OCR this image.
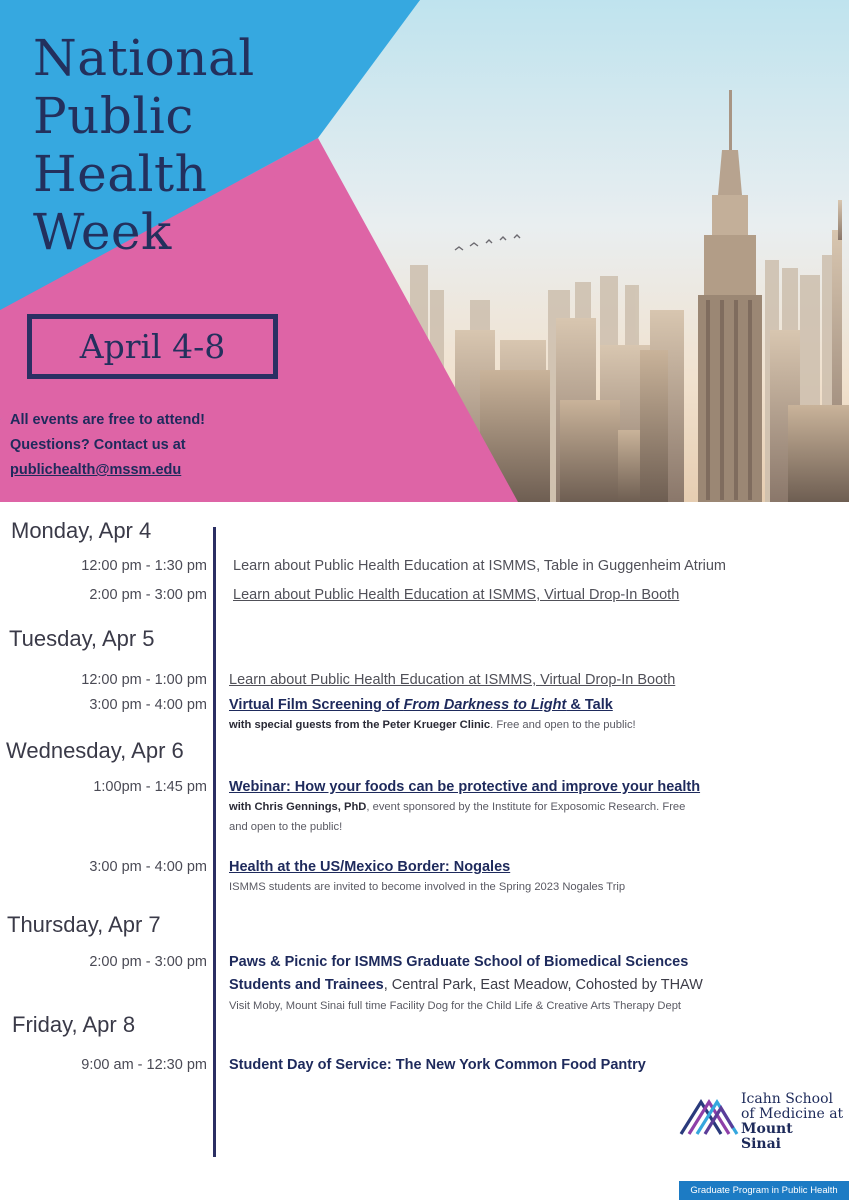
National
Public
Health
Week
April 4-8
All events are free to attend!
Questions? Contact us at
publichealth@mssm.edu
Monday, Apr 4
12:00 pm - 1:30 pm Learn about Public Health Education at ISMMS, Table in Guggenheim Atrium
2:00 pm - 3:00 pm Learn about Public Health Education at ISMMS, Virtual Drop-In Booth
Tuesday, Apr 5
12:00 pm - 1:00 pm Learn about Public Health Education at ISMMS, Virtual Drop-In Booth
3:00 pm - 4:00 pm Virtual Film Screening of From Darkness to Light & Talk
with special guests from the Peter Krueger Clinic. Free and open to the public!
Wednesday, Apr 6
1:00pm - 1:45 pm Webinar: How your foods can be protective and improve your health
with Chris Gennings, PhD, event sponsored by the Institute for Exposomic Research. Free
and open to the public!
3:00 pm - 4:00 pm Health at the US/Mexico Border: Nogales
ISMMS students are invited to become involved in the Spring 2023 Nogales Trip
Thursday, Apr 7
2:00 pm - 3:00 pm Paws & Picnic for ISMMS Graduate School of Biomedical Sciences
Students and Trainees, Central Park, East Meadow, Cohosted by THAW
Visit Moby, Mount Sinai full time Facility Dog for the Child Life & Creative Arts Therapy Dept
Friday, Apr 8
9:00 am - 12:30 pm Student Day of Service: The New York Common Food Pantry
Icahn School
of Medicine at
Mount
Sinai
Graduate Program in Public Health
